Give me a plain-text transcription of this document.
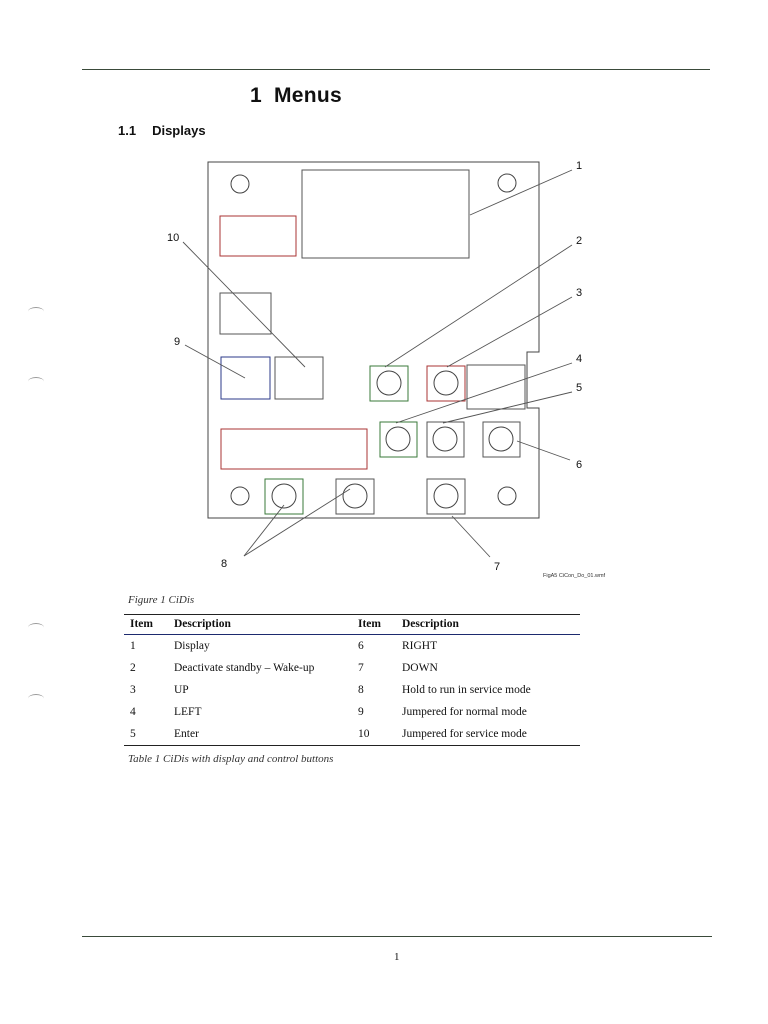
1 Menus
1.1 Displays
1
2
3
4
5
6
7
8
9
10
FigA5 CiCon_Do_01.wmf
Figure 1 CiDis
Item	Description	Item	Description
1	Display	6	RIGHT
2	Deactivate standby – Wake-up	7	DOWN
3	UP	8	Hold to run in service mode
4	LEFT	9	Jumpered for normal mode
5	Enter	10	Jumpered for service mode
Table 1 CiDis with display and control buttons
1
